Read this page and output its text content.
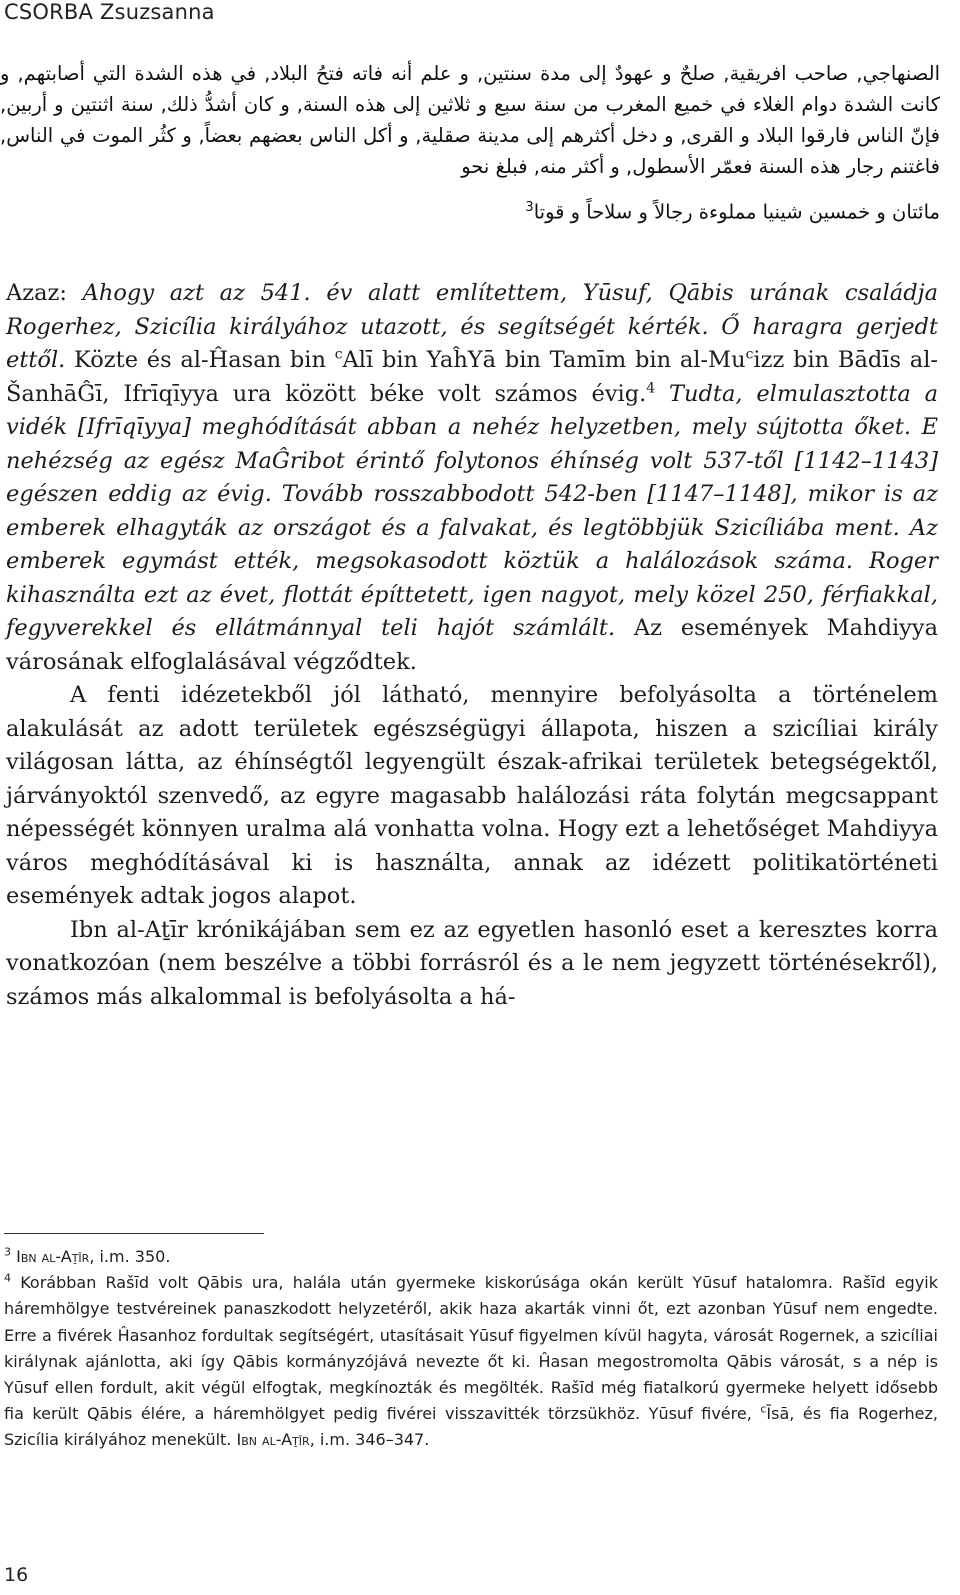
CSORBA Zsuzsanna

الصنهاجي, صاحب افريقية, صلحٌ و عهودٌ إلى مدة سنتين, و علم أنه فاته فتحُ البلاد, في هذه الشدة التي أصابتهم, و كانت الشدة دوام الغلاء في خميع المغرب من سنة سبع و ثلاثين إلى هذه السنة, و كان أشدُّ ذلك, سنة اثنتين و أربين, فإنّ الناس فارقوا البلاد و القرى, و دخل أكثرهم إلى مدينة صقلية, و أكل الناس بعضهم بعضاً, و كثُر الموت في الناس, فاغتنم رجار هذه السنة فعمّر الأسطول, و أكثر منه, فبلغ نحو

مائتان و خمسين شينيا مملوءة رجالاً و سلاحاً و قوتا$^3$

Azaz: Ahogy azt az 541. év alatt említettem, Yūsuf, Qābis urának családja Rogerhez, Szicília királyához utazott, és segítségét kérték. Ő haragra gerjedt ettől. Közte és al-Ĥasan bin $^c$Alī bin YaĥΥā bin Tamīm bin al-Mu$^c$izz bin Bādīs al-ŠanhāĜī, Ifrīqīyya ura között béke volt számos évig.$^4$ Tudta, elmulasztotta a vidék [Ifrīqīyya] meghódítását abban a nehéz helyzetben, mely sújtotta őket. E nehézség az egész MaĜribot érintő folytonos éhínség volt 537-től [1142–1143] egészen eddig az évig. Tovább rosszabbodott 542-ben [1147–1148], mikor is az emberek elhagyták az országot és a falvakat, és legtöbbjük Szicíliába ment. Az emberek egymást ették, megsokasodott köztük a halálozások száma. Roger kihasználta ezt az évet, flottát építtetett, igen nagyot, mely közel 250, férfiakkal, fegyverekkel és ellátmánnyal teli hajót számlált. Az események Mahdiyya városának elfoglalásával végződtek.

A fenti idézetekből jól látható, mennyire befolyásolta a történelem alakulását az adott területek egészségügyi állapota, hiszen a szicíliai király világosan látta, az éhínségtől legyengült észak-afrikai területek betegségektől, járványoktól szenvedő, az egyre magasabb halálozási ráta folytán megcsappant népességét könnyen uralma alá vonhatta volna. Hogy ezt a lehetőséget Mahdiyya város meghódításával ki is használta, annak az idézett politikatörténeti események adtak jogos alapot.

Ibn al-Aṯīr krónikájában sem ez az egyetlen hasonló eset a keresztes korra vonatkozóan (nem beszélve a többi forrásról és a le nem jegyzett történésekről), számos más alkalommal is befolyásolta a há-

$^3$ Ibn al-Aṯīr, i.m. 350.

$^4$ Korábban Rašīd volt Qābis ura, halála után gyermeke kiskorúsága okán került Yūsuf hatalomra. Rašīd egyik háremhölgye testvéreinek panaszkodott helyzetéről, akik haza akarták vinni őt, ezt azonban Yūsuf nem engedte. Erre a fivérek Ĥasanhoz fordultak segítségért, utasításait Yūsuf figyelmen kívül hagyta, városát Rogernek, a szicíliai királynak ajánlotta, aki így Qābis kormányzójává nevezte őt ki. Ĥasan megostromolta Qābis városát, s a nép is Yūsuf ellen fordult, akit végül elfogtak, megkínozták és megölték. Rašīd még fiatalkorú gyermeke helyett idősebb fia került Qābis élére, a háremhölgyet pedig fivérei visszavitték törzsükhöz. Yūsuf fivére, $^c$Īsā, és fia Rogerhez, Szicília királyához menekült. Ibn al-Aṯīr, i.m. 346–347.

16
